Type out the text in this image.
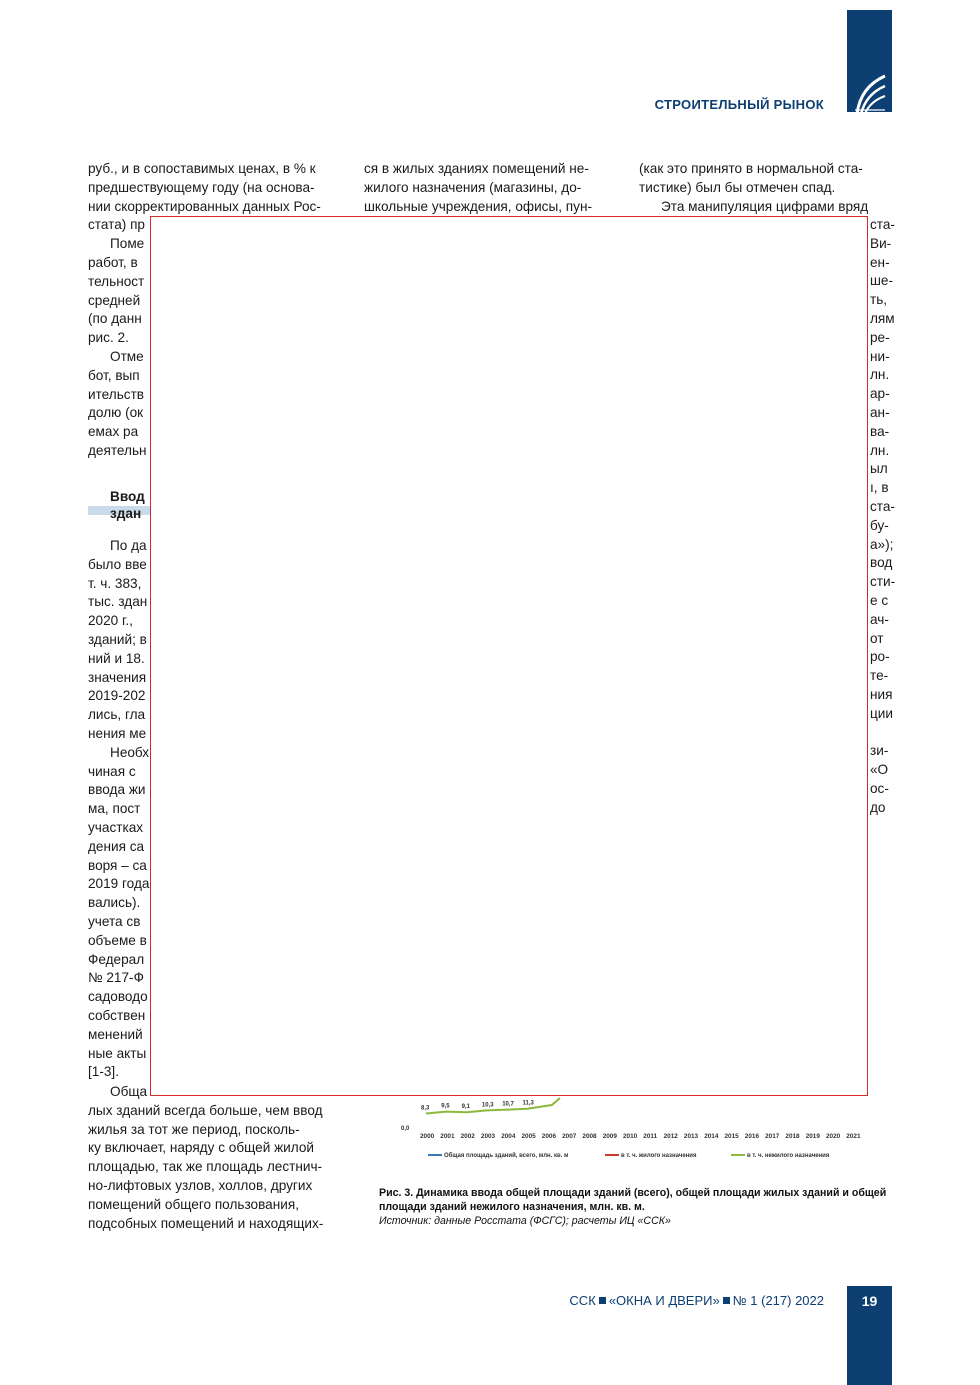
СТРОИТЕЛЬНЫЙ РЫНОК

руб., и в сопоставимых ценах, в % к
предшествующему году (на основа-
нии скорректированных данных Рос-
стата) пр

Поме
работ, в
тельност
средней
(по данн
рис. 2.

Отме
бот, вып
ительств
долю (ок
емах ра
деятельн

Ввод
здан

По да
было вве
т. ч. 383,
тыс. здан
2020 г.,
зданий; в
ний и 18.
значения
2019-202
лись, гла
нения ме

Необх
чиная с
ввода жи
ма, пост
участках
дения са
воря – са
2019 года
вались).
учета св
объеме в
Федерал
№ 217-Ф
садоводо
собствен
менений
ные акты
[1-3].

Обща
лых зданий всегда больше, чем ввод
жилья за тот же период, посколь-
ку включает, наряду с общей жилой
площадью, так же площадь лестнич-
но-лифтовых узлов, холлов, других
помещений общего пользования,
подсобных помещений и находящих-

ся в жилых зданиях помещений не-
жилого назначения (магазины, до-
школьные учреждения, офисы, пун-

(как это принято в нормальной ста-
тистике) был бы отмечен спад.

Эта манипуляция цифрами вряд

ста-
Ви-
ен-
ше-
ть,
лям
ре-
ни-
лн.
ар-
ан-
ва-
лн.
ыл
ı, в
ста-
бу-
а»);
вод
сти-
е с
ач-
от
ро-
те-
ния
ции
зи-
«О
ос-
до
0,0
2000 2001 2002 2003 2004 2005 2006 2007 2008 2009 2010 2011 2012 2013 2014 2015 2016 2017 2018 2019 2020 2021
8,3 9,5 9,1 10,3 10,7 11,3
Общая площадь зданий, всего, млн. кв. м	в т. ч. жилого назначения	в т. ч. нежилого назначения
Рис. 3. Динамика ввода общей площади зданий (всего), общей площади жилых зданий и общей площади зданий нежилого назначения, млн. кв. м.
Источник: данные Росстата (ФСГС); расчеты ИЦ «ССК»
ССК «ОКНА И ДВЕРИ» № 1 (217) 2022	19
